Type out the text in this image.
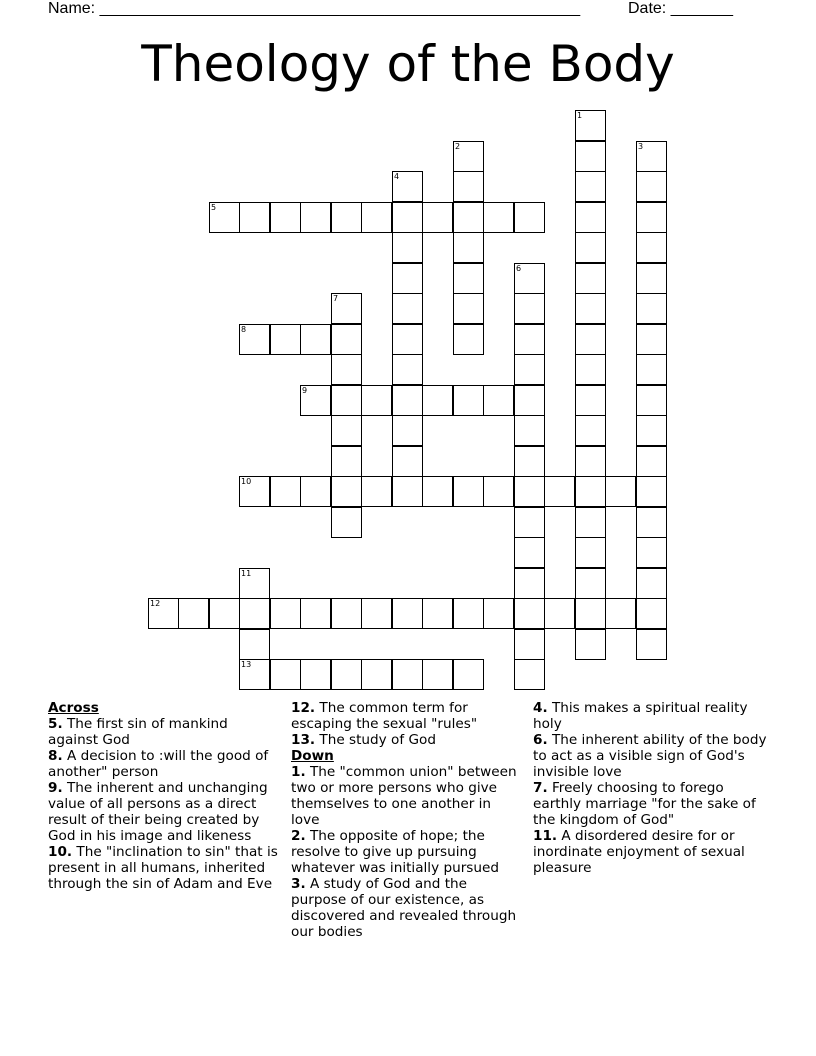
Name: ______________________________________________________	Date: _______
Theology of the Body
1
2	3
4
5
6
7
8
9
10
11
13
12

Across

5. The first sin of mankind against God

8. A decision to :will the good of another" person

9. The inherent and unchanging value of all persons as a direct result of their being created by God in his image and likeness

10. The "inclination to sin" that is present in all humans, inherited through the sin of Adam and Eve

12. The common term for escaping the sexual "rules"

13. The study of God

Down

1. The "common union" between two or more persons who give themselves to one another in love

2. The opposite of hope; the resolve to give up pursuing whatever was initially pursued

3. A study of God and the purpose of our existence, as discovered and revealed through our bodies

4. This makes a spiritual reality holy

6. The inherent ability of the body to act as a visible sign of God's invisible love

7. Freely choosing to forego earthly marriage "for the sake of the kingdom of God"

11. A disordered desire for or inordinate enjoyment of sexual pleasure
